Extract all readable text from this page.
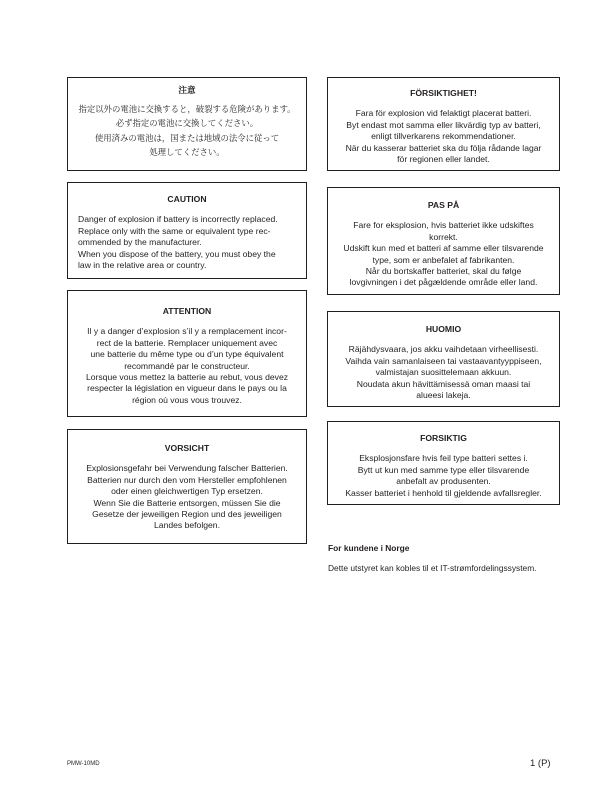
注意
指定以外の電池に交換すると，破裂する危険があります。
必ず指定の電池に交換してください。
使用済みの電池は，国または地域の法令に従って
処理してください。
CAUTION
Danger of explosion if battery is incorrectly replaced.
Replace only with the same or equivalent type rec-
ommended by the manufacturer.
When you dispose of the battery, you must obey the
law in the relative area or country.
ATTENTION
Il y a danger d’explosion s’il y a remplacement incor-
rect de la batterie. Remplacer uniquement avec
une batterie du même type ou d’un type équivalent
recommandé par le constructeur.
Lorsque vous mettez la batterie au rebut, vous devez
respecter la législation en vigueur dans le pays ou la
région où vous vous trouvez.
VORSICHT
Explosionsgefahr bei Verwendung falscher Batterien.
Batterien nur durch den vom Hersteller empfohlenen
oder einen gleichwertigen Typ ersetzen.
Wenn Sie die Batterie entsorgen, müssen Sie die
Gesetze der jeweiligen Region und des jeweiligen
Landes befolgen.
FÖRSIKTIGHET!
Fara för explosion vid felaktigt placerat batteri.
Byt endast mot samma eller likvärdig typ av batteri,
enligt tillverkarens rekommendationer.
När du kasserar batteriet ska du följa rådande lagar
för regionen eller landet.
PAS PÅ
Fare for eksplosion, hvis batteriet ikke udskiftes
korrekt.
Udskift kun med et batteri af samme eller tilsvarende
type, som er anbefalet af fabrikanten.
Når du bortskaffer batteriet, skal du følge
lovgivningen i det pågældende område eller land.
HUOMIO
Räjähdysvaara, jos akku vaihdetaan virheellisesti.
Vaihda vain samanlaiseen tai vastaavantyyppiseen,
valmistajan suosittelemaan akkuun.
Noudata akun hävittämisessä oman maasi tai
alueesi lakeja.
FORSIKTIG
Eksplosjonsfare hvis feil type batteri settes i.
Bytt ut kun med samme type eller tilsvarende
anbefalt av produsenten.
Kasser batteriet i henhold til gjeldende avfallsregler.
For kundene i Norge
Dette utstyret kan kobles til et IT-strømfordelingssystem.
PMW-10MD	1 (P)
